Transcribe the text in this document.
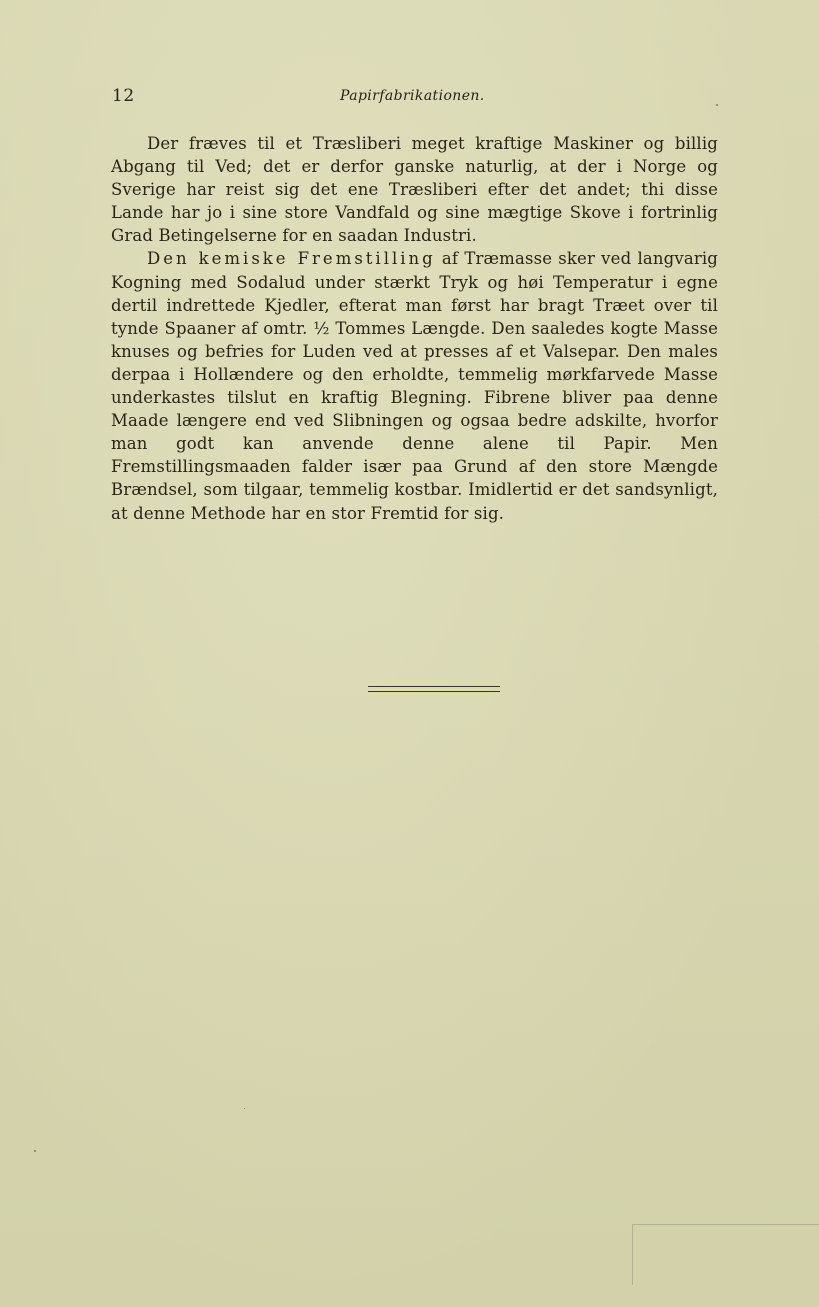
12	Papirfabrikationen.

Der fræves til et Træsliberi meget kraftige Maskiner og billig Abgang til Ved; det er derfor ganske naturlig, at der i Norge og Sverige har reist sig det ene Træsliberi efter det andet; thi disse Lande har jo i sine store Vandfald og sine mægtige Skove i fortrinlig Grad Betingelserne for en saadan Industri.

Den kemiske Fremstilling af Træmasse sker ved langvarig Kogning med Sodalud under stærkt Tryk og høi Temperatur i egne dertil indrettede Kjedler, efterat man først har bragt Træet over til tynde Spaaner af omtr. ½ Tommes Længde. Den saaledes kogte Masse knuses og befries for Luden ved at presses af et Valsepar. Den males derpaa i Hollændere og den erholdte, temmelig mørkfarvede Masse underkastes tilslut en kraftig Blegning. Fibrene bliver paa denne Maade længere end ved Slibningen og ogsaa bedre adskilte, hvorfor man godt kan anvende denne alene til Papir. Men Fremstillingsmaaden falder især paa Grund af den store Mængde Brændsel, som tilgaar, temmelig kostbar. Imidlertid er det sandsynligt, at denne Methode har en stor Fremtid for sig.
